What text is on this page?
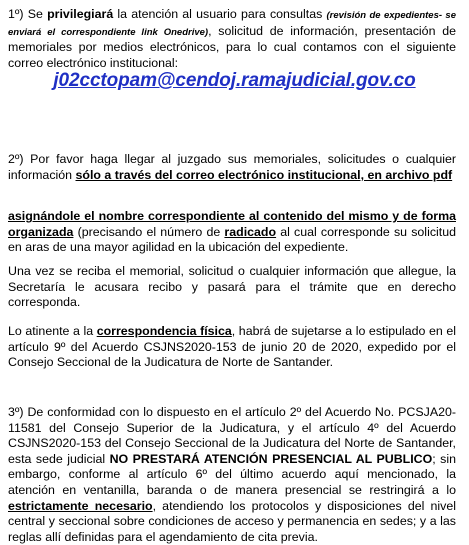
1º) Se privilegiará la atención al usuario para consultas (revisión de expedientes- se enviará el correspondiente link Onedrive), solicitud de información, presentación de memoriales por medios electrónicos, para lo cual contamos con el siguiente correo electrónico institucional:

j02cctopam@cendoj.ramajudicial.gov.co

2º) Por favor haga llegar al juzgado sus memoriales, solicitudes o cualquier información sólo a través del correo electrónico institucional, en archivo pdf

asignándole el nombre correspondiente al contenido del mismo y de forma organizada (precisando el número de radicado al cual corresponde su solicitud en aras de una mayor agilidad en la ubicación del expediente.

Una vez se reciba el memorial, solicitud o cualquier información que allegue, la Secretaría le acusara recibo y pasará para el trámite que en derecho corresponda.

Lo atinente a la correspondencia física, habrá de sujetarse a lo estipulado en el artículo 9º del Acuerdo CSJNS2020-153 de junio 20 de 2020, expedido por el Consejo Seccional de la Judicatura de Norte de Santander.

3º) De conformidad con lo dispuesto en el artículo 2º del Acuerdo No. PCSJA20-11581 del Consejo Superior de la Judicatura, y el artículo 4º del Acuerdo CSJNS2020-153 del Consejo Seccional de la Judicatura del Norte de Santander, esta sede judicial NO PRESTARÁ ATENCIÓN PRESENCIAL AL PUBLICO; sin embargo, conforme al artículo 6º del último acuerdo aquí mencionado, la atención en ventanilla, baranda o de manera presencial se restringirá a lo estrictamente necesario, atendiendo los protocolos y disposiciones del nivel central y seccional sobre condiciones de acceso y permanencia en sedes; y a las reglas allí definidas para el agendamiento de cita previa.
